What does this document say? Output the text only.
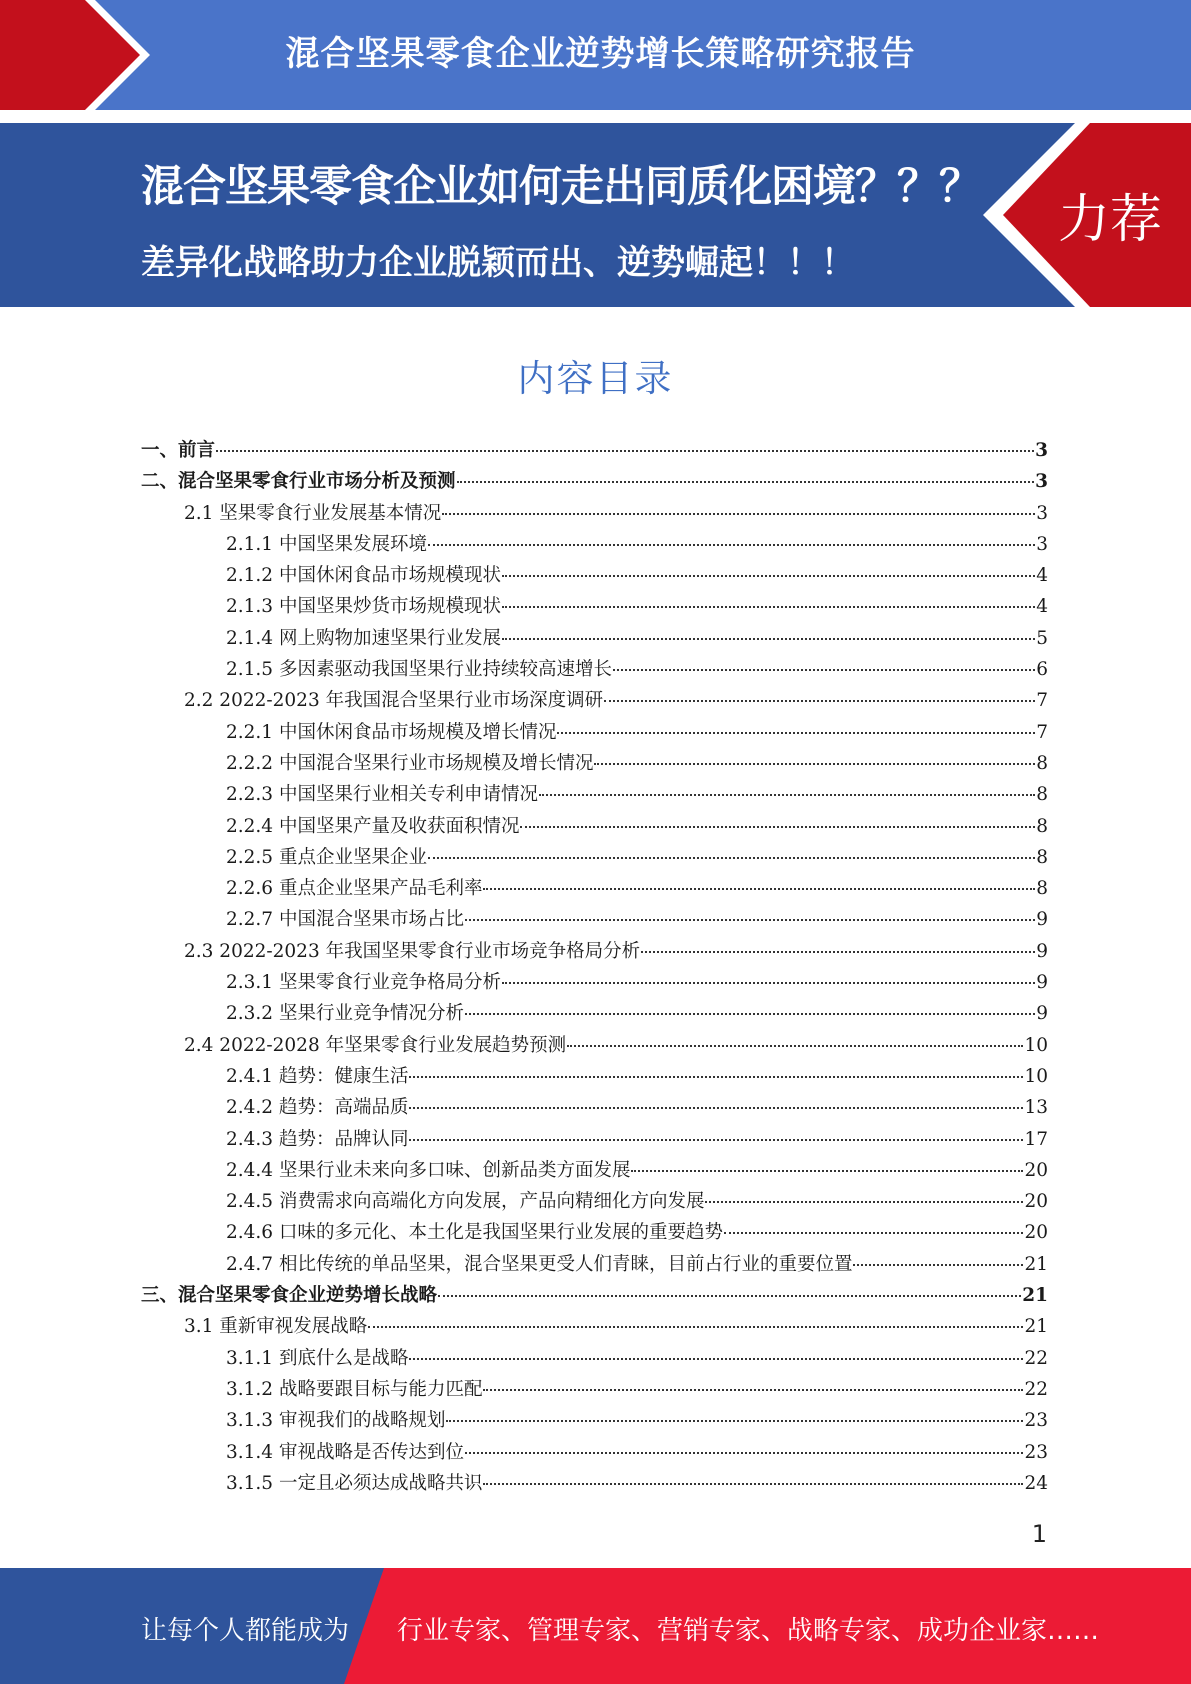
混合坚果零食企业逆势增长策略研究报告
混合坚果零食企业如何走出同质化困境？？？
差异化战略助力企业脱颖而出、逆势崛起！！！
力荐
内容目录
一、前言	3
二、混合坚果零食行业市场分析及预测	3
2.1 坚果零食行业发展基本情况	3
2.1.1 中国坚果发展环境	3
2.1.2 中国休闲食品市场规模现状	4
2.1.3 中国坚果炒货市场规模现状	4
2.1.4 网上购物加速坚果行业发展	5
2.1.5 多因素驱动我国坚果行业持续较高速增长	6
2.2 2022-2023 年我国混合坚果行业市场深度调研	7
2.2.1 中国休闲食品市场规模及增长情况	7
2.2.2 中国混合坚果行业市场规模及增长情况	8
2.2.3 中国坚果行业相关专利申请情况	8
2.2.4 中国坚果产量及收获面积情况	8
2.2.5 重点企业坚果企业	8
2.2.6 重点企业坚果产品毛利率	8
2.2.7 中国混合坚果市场占比	9
2.3 2022-2023 年我国坚果零食行业市场竞争格局分析	9
2.3.1 坚果零食行业竞争格局分析	9
2.3.2 坚果行业竞争情况分析	9
2.4 2022-2028 年坚果零食行业发展趋势预测	10
2.4.1 趋势：健康生活	10
2.4.2 趋势：高端品质	13
2.4.3 趋势：品牌认同	17
2.4.4 坚果行业未来向多口味、创新品类方面发展	20
2.4.5 消费需求向高端化方向发展，产品向精细化方向发展	20
2.4.6 口味的多元化、本土化是我国坚果行业发展的重要趋势	20
2.4.7 相比传统的单品坚果，混合坚果更受人们青睐，目前占行业的重要位置	21
三、混合坚果零食企业逆势增长战略	21
3.1 重新审视发展战略	21
3.1.1 到底什么是战略	22
3.1.2 战略要跟目标与能力匹配	22
3.1.3 审视我们的战略规划	23
3.1.4 审视战略是否传达到位	23
3.1.5 一定且必须达成战略共识	24
1
让每个人都能成为 行业专家、管理专家、营销专家、战略专家、成功企业家……
